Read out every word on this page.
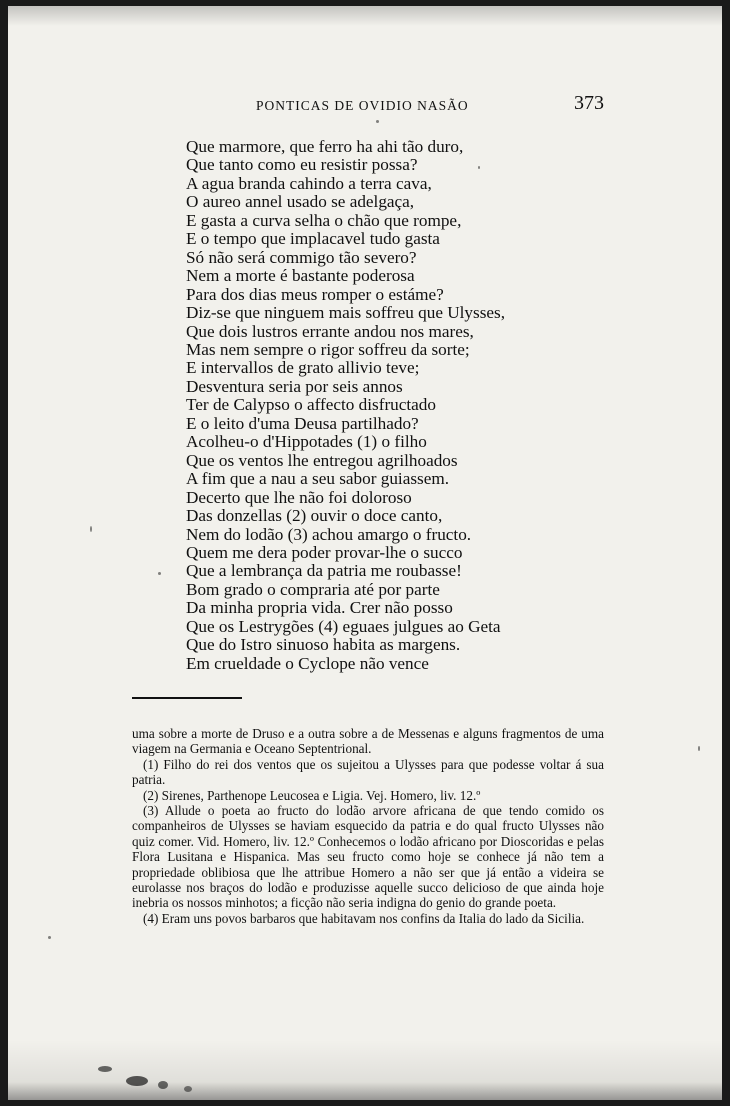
PONTICAS DE OVIDIO NASÃO	373
Que marmore, que ferro ha ahi tão duro,
Que tanto como eu resistir possa?
A agua branda cahindo a terra cava,
O aureo annel usado se adelgaça,
E gasta a curva selha o chão que rompe,
E o tempo que implacavel tudo gasta
Só não será commigo tão severo?
Nem a morte é bastante poderosa
Para dos dias meus romper o estáme?
Diz-se que ninguem mais soffreu que Ulysses,
Que dois lustros errante andou nos mares,
Mas nem sempre o rigor soffreu da sorte;
E intervallos de grato allivio teve;
Desventura seria por seis annos
Ter de Calypso o affecto disfructado
E o leito d'uma Deusa partilhado?
Acolheu-o d'Hippotades (1) o filho
Que os ventos lhe entregou agrilhoados
A fim que a nau a seu sabor guiassem.
Decerto que lhe não foi doloroso
Das donzellas (2) ouvir o doce canto,
Nem do lodão (3) achou amargo o fructo.
Quem me dera poder provar-lhe o succo
Que a lembrança da patria me roubasse!
Bom grado o compraria até por parte
Da minha propria vida. Crer não posso
Que os Lestrygões (4) eguaes julgues ao Geta
Que do Istro sinuoso habita as margens.
Em crueldade o Cyclope não vence

uma sobre a morte de Druso e a outra sobre a de Messenas e alguns fragmentos de uma viagem na Germania e Oceano Septentrional.

(1) Filho do rei dos ventos que os sujeitou a Ulysses para que podesse voltar á sua patria.

(2) Sirenes, Parthenope Leucosea e Ligia. Vej. Homero, liv. 12.º

(3) Allude o poeta ao fructo do lodão arvore africana de que tendo comido os companheiros de Ulysses se haviam esquecido da patria e do qual fructo Ulysses não quiz comer. Vid. Homero, liv. 12.º Conhecemos o lodão africano por Dioscoridas e pelas Flora Lusitana e Hispanica. Mas seu fructo como hoje se conhece já não tem a propriedade oblibiosa que lhe attribue Homero a não ser que já então a videira se eurolasse nos braços do lodão e produzisse aquelle succo delicioso de que ainda hoje inebria os nossos minhotos; a ficção não seria indigna do genio do grande poeta.

(4) Eram uns povos barbaros que habitavam nos confins da Italia do lado da Sicilia.
